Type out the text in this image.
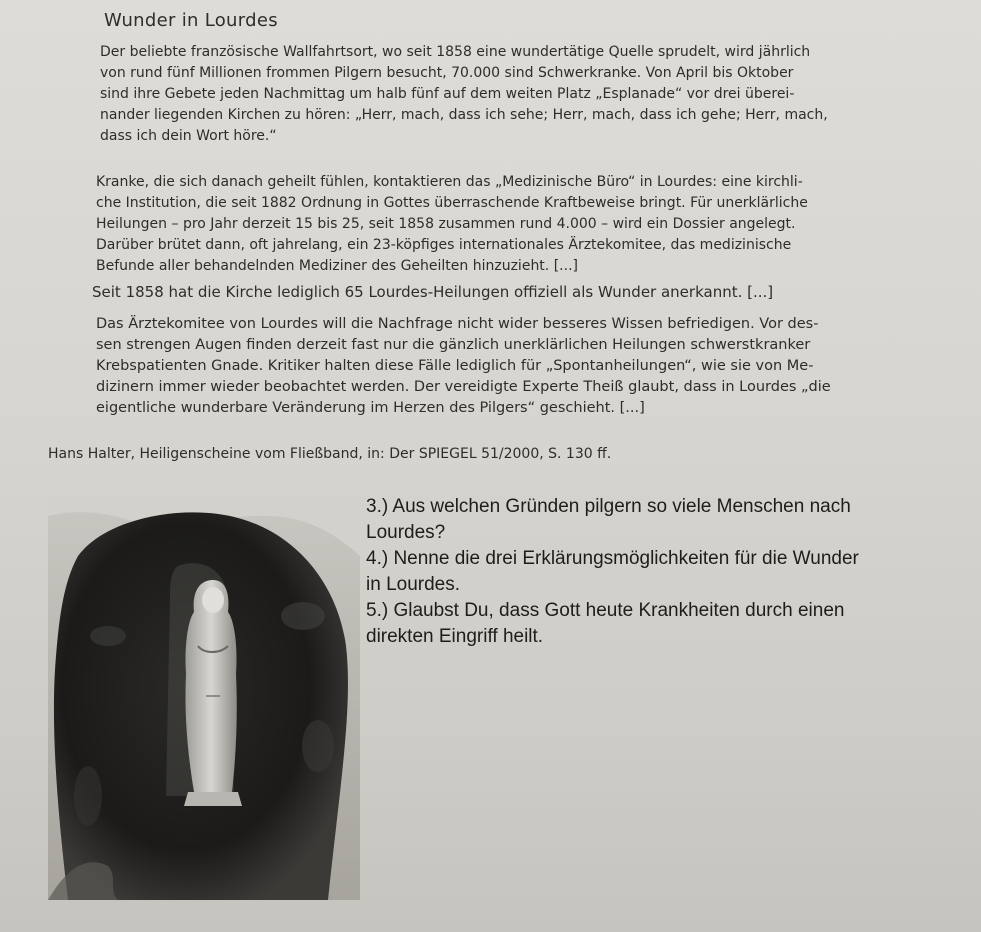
Wunder in Lourdes

Der beliebte französische Wallfahrtsort, wo seit 1858 eine wundertätige Quelle sprudelt, wird jährlich
von rund fünf Millionen frommen Pilgern besucht, 70.000 sind Schwerkranke. Von April bis Oktober
sind ihre Gebete jeden Nachmittag um halb fünf auf dem weiten Platz „Esplanade“ vor drei überei-
nander liegenden Kirchen zu hören: „Herr, mach, dass ich sehe; Herr, mach, dass ich gehe; Herr, mach,
dass ich dein Wort höre.“

Kranke, die sich danach geheilt fühlen, kontaktieren das „Medizinische Büro“ in Lourdes: eine kirchli-
che Institution, die seit 1882 Ordnung in Gottes überraschende Kraftbeweise bringt. Für unerklärliche
Heilungen – pro Jahr derzeit 15 bis 25, seit 1858 zusammen rund 4.000 – wird ein Dossier angelegt.
Darüber brütet dann, oft jahrelang, ein 23-köpfiges internationales Ärztekomitee, das medizinische
Befunde aller behandelnden Mediziner des Geheilten hinzuzieht. [...]

Seit 1858 hat die Kirche lediglich 65 Lourdes-Heilungen offiziell als Wunder anerkannt. [...]

Das Ärztekomitee von Lourdes will die Nachfrage nicht wider besseres Wissen befriedigen. Vor des-
sen strengen Augen finden derzeit fast nur die gänzlich unerklärlichen Heilungen schwerstkranker
Krebspatienten Gnade. Kritiker halten diese Fälle lediglich für „Spontanheilungen“, wie sie von Me-
dizinern immer wieder beobachtet werden. Der vereidigte Experte Theiß glaubt, dass in Lourdes „die
eigentliche wunderbare Veränderung im Herzen des Pilgers“ geschieht. [...]

Hans Halter, Heiligenscheine vom Fließband, in: Der SPIEGEL 51/2000, S. 130 ff.
3.) Aus welchen Gründen pilgern so viele Menschen nach
Lourdes?
4.) Nenne die drei Erklärungsmöglichkeiten für die Wunder
in Lourdes.
5.) Glaubst Du, dass Gott heute Krankheiten durch einen
direkten Eingriff heilt.
